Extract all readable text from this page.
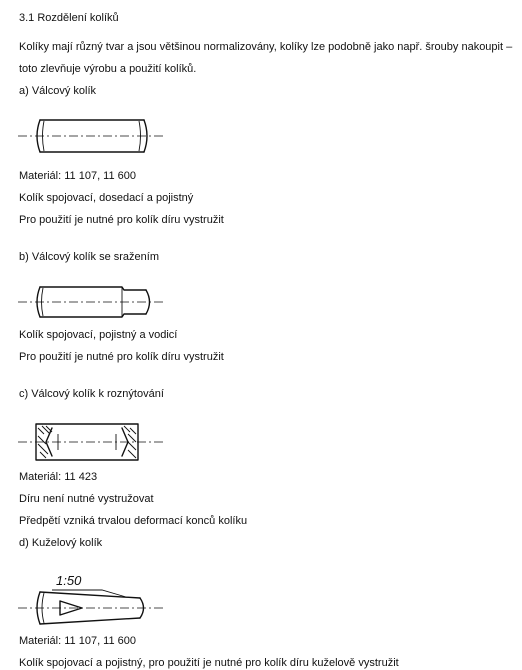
3.1 Rozdělení kolíků
Kolíky mají různý tvar a jsou většinou normalizovány, kolíky lze podobně jako např. šrouby nakoupit –
toto zlevňuje výrobu a použití kolíků.
a) Válcový kolík
Materiál: 11 107, 11 600
Kolík spojovací, dosedací a pojistný
Pro použití je nutné pro kolík díru vystružit
b) Válcový kolík se sražením
Kolík spojovací, pojistný a vodicí
Pro použití je nutné pro kolík díru vystružit
c) Válcový kolík k roznýtování
Materiál: 11 423
Díru není nutné vystružovat
Předpětí vzniká trvalou deformací konců kolíku
d) Kuželový kolík
1:50
Materiál: 11 107, 11 600
Kolík spojovací a pojistný, pro použití je nutné pro kolík díru kuželově vystružit
